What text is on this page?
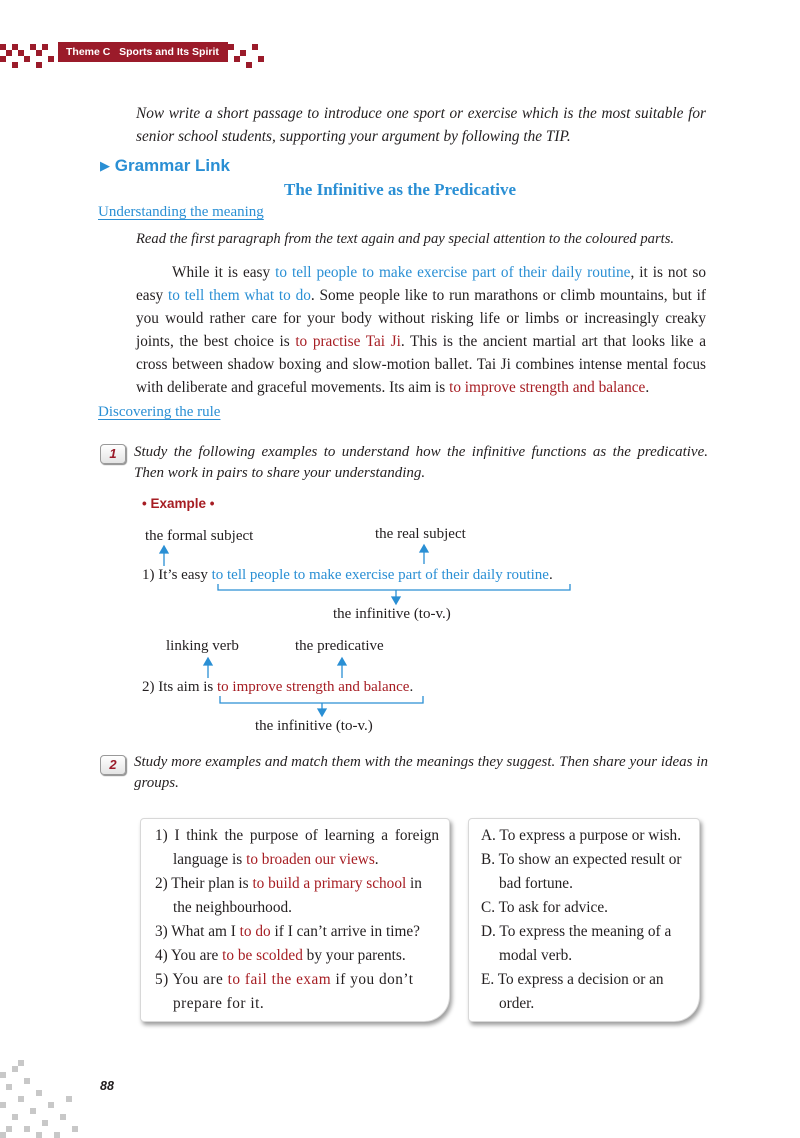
Theme C Sports and Its Spirit
Now write a short passage to introduce one sport or exercise which is the most suitable for senior school students, supporting your argument by following the TIP.
▶ Grammar Link
The Infinitive as the Predicative
Understanding the meaning
Read the first paragraph from the text again and pay special attention to the coloured parts.
While it is easy to tell people to make exercise part of their daily routine, it is not so easy to tell them what to do. Some people like to run marathons or climb mountains, but if you would rather care for your body without risking life or limbs or increasingly creaky joints, the best choice is to practise Tai Ji. This is the ancient martial art that looks like a cross between shadow boxing and slow-motion ballet. Tai Ji combines intense mental focus with deliberate and graceful movements. Its aim is to improve strength and balance.
Discovering the rule
1	Study the following examples to understand how the infinitive functions as the predicative. Then work in pairs to share your understanding.
• Example •
the formal subject	the real subject
1) It’s easy to tell people to make exercise part of their daily routine.
the infinitive (to-v.)
linking verb	the predicative
2) Its aim is to improve strength and balance.
the infinitive (to-v.)
2	Study more examples and match them with the meanings they suggest. Then share your ideas in groups.
1) I think the purpose of learning a foreign language is to broaden our views.
2) Their plan is to build a primary school in the neighbourhood.
3) What am I to do if I can’t arrive in time?
4) You are to be scolded by your parents.
5) You are to fail the exam if you don’t prepare for it.
A. To express a purpose or wish.
B. To show an expected result or bad fortune.
C. To ask for advice.
D. To express the meaning of a modal verb.
E. To express a decision or an order.
88
